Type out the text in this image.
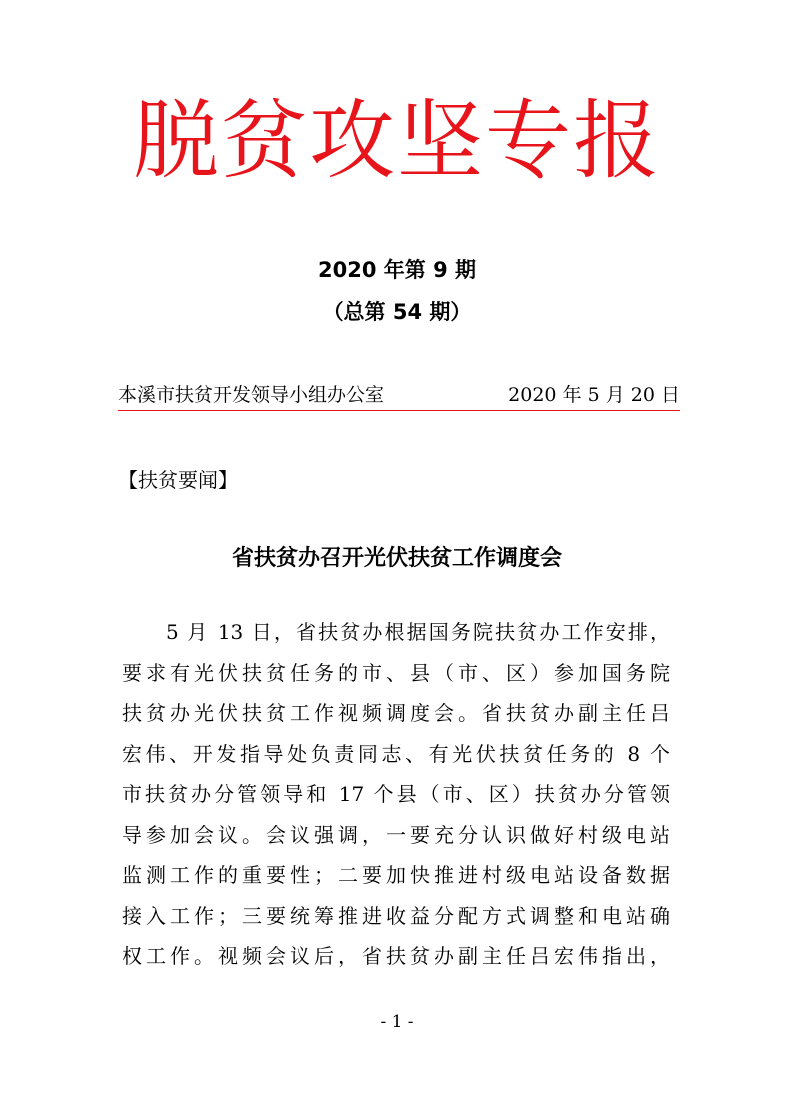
脱贫攻坚专报
2020 年第 9 期
（总第 54 期）
本溪市扶贫开发领导小组办公室	2020 年 5 月 20 日
【扶贫要闻】
省扶贫办召开光伏扶贫工作调度会
5 月 13 日，省扶贫办根据国务院扶贫办工作安排，
要求有光伏扶贫任务的市、县（市、区）参加国务院
扶贫办光伏扶贫工作视频调度会。省扶贫办副主任吕
宏伟、开发指导处负责同志、有光伏扶贫任务的 8 个
市扶贫办分管领导和 17 个县（市、区）扶贫办分管领
导参加会议。会议强调，一要充分认识做好村级电站
监测工作的重要性；二要加快推进村级电站设备数据
接入工作；三要统筹推进收益分配方式调整和电站确
权工作。视频会议后，省扶贫办副主任吕宏伟指出，
- 1 -
